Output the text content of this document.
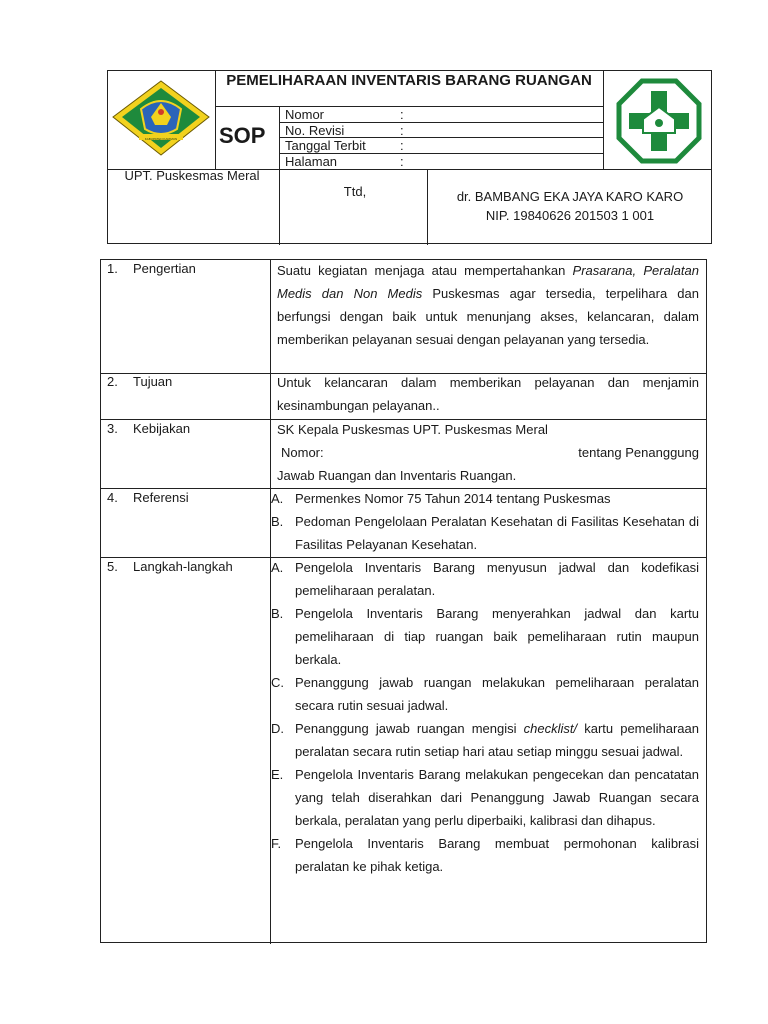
KABUPATEN KARIMUN
PEMELIHARAAN INVENTARIS BARANG RUANGAN
SOP
Nomor	:
No. Revisi	:
Tanggal Terbit	:
Halaman	:
UPT. Puskesmas Meral
Ttd,	dr. BAMBANG EKA JAYA KARO KARO
NIP. 19840626 201503 1 001
1. Pengertian	Suatu kegiatan menjaga atau mempertahankan Prasarana, Peralatan Medis dan Non Medis Puskesmas agar tersedia, terpelihara dan berfungsi dengan baik untuk menunjang akses, kelancaran, dalam memberikan pelayanan sesuai dengan pelayanan yang tersedia.

2. Tujuan	Untuk kelancaran dalam memberikan pelayanan dan menjamin kesinambungan pelayanan..

3. Kebijakan	SK Kepala Puskesmas UPT. Puskesmas Meral

Nomor:	tentang Penanggung

Jawab Ruangan dan Inventaris Ruangan.

4. Referensi	A. Permenkes Nomor 75 Tahun 2014 tentang Puskesmas
B. Pedoman Pengelolaan Peralatan Kesehatan di Fasilitas Kesehatan di Fasilitas Pelayanan Kesehatan.
5. Langkah-langkah	A. Pengelola Inventaris Barang menyusun jadwal dan kodefikasi pemeliharaan peralatan.
B. Pengelola Inventaris Barang menyerahkan jadwal dan kartu pemeliharaan di tiap ruangan baik pemeliharaan rutin maupun berkala.
C. Penanggung jawab ruangan melakukan pemeliharaan peralatan secara rutin sesuai jadwal.
D. Penanggung jawab ruangan mengisi checklist/ kartu pemeliharaan peralatan secara rutin setiap hari atau setiap minggu sesuai jadwal.
E. Pengelola Inventaris Barang melakukan pengecekan dan pencatatan yang telah diserahkan dari Penanggung Jawab Ruangan secara berkala, peralatan yang perlu diperbaiki, kalibrasi dan dihapus.
F. Pengelola Inventaris Barang membuat permohonan kalibrasi peralatan ke pihak ketiga.
